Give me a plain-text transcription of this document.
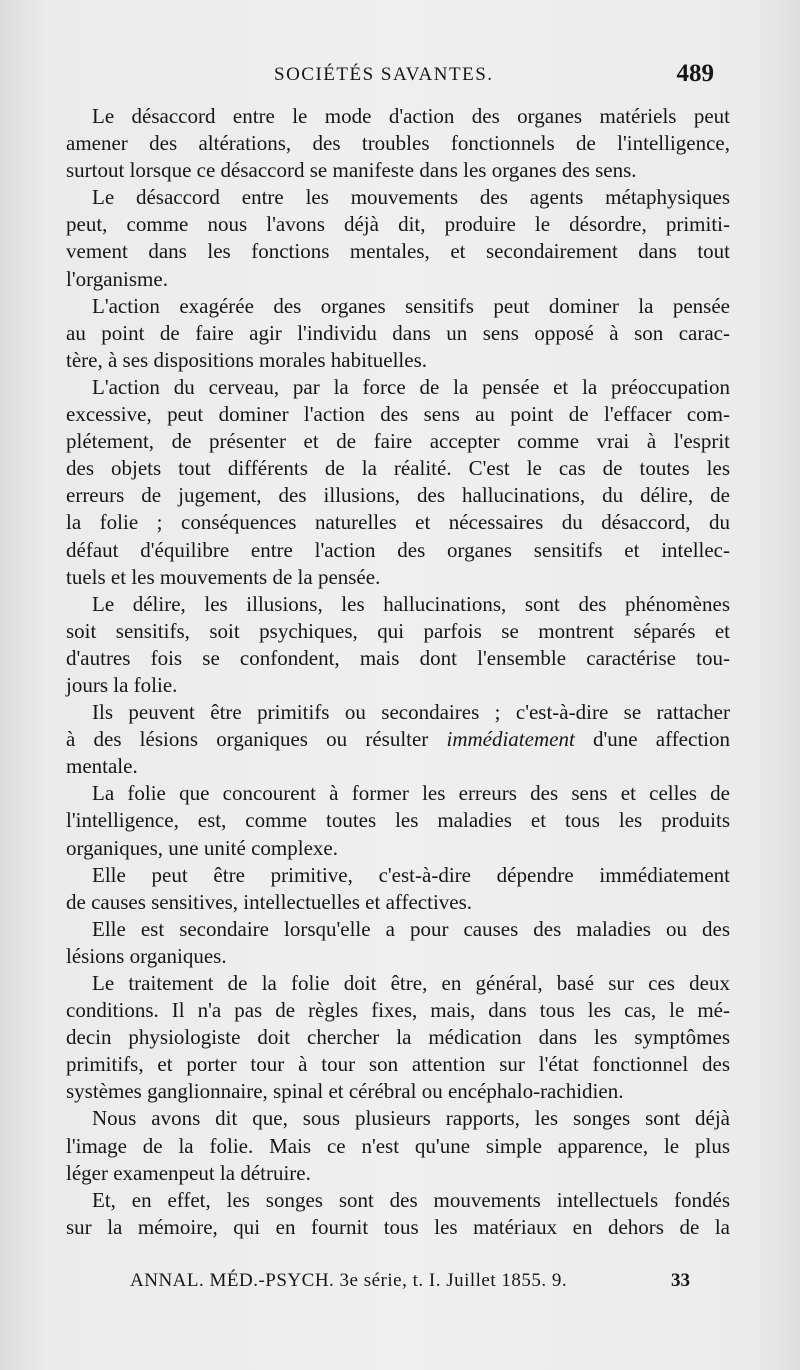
SOCIÉTÉS SAVANTES.	489

Le désaccord entre le mode d'action des organes matériels peut
amener des altérations, des troubles fonctionnels de l'intelligence,
surtout lorsque ce désaccord se manifeste dans les organes des sens.

Le désaccord entre les mouvements des agents métaphysiques
peut, comme nous l'avons déjà dit, produire le désordre, primiti-
vement dans les fonctions mentales, et secondairement dans tout
l'organisme.

L'action exagérée des organes sensitifs peut dominer la pensée
au point de faire agir l'individu dans un sens opposé à son carac-
tère, à ses dispositions morales habituelles.

L'action du cerveau, par la force de la pensée et la préoccupation
excessive, peut dominer l'action des sens au point de l'effacer com-
plétement, de présenter et de faire accepter comme vrai à l'esprit
des objets tout différents de la réalité. C'est le cas de toutes les
erreurs de jugement, des illusions, des hallucinations, du délire, de
la folie ; conséquences naturelles et nécessaires du désaccord, du
défaut d'équilibre entre l'action des organes sensitifs et intellec-
tuels et les mouvements de la pensée.

Le délire, les illusions, les hallucinations, sont des phénomènes
soit sensitifs, soit psychiques, qui parfois se montrent séparés et
d'autres fois se confondent, mais dont l'ensemble caractérise tou-
jours la folie.

Ils peuvent être primitifs ou secondaires ; c'est-à-dire se rattacher
à des lésions organiques ou résulter immédiatement d'une affection
mentale.

La folie que concourent à former les erreurs des sens et celles de
l'intelligence, est, comme toutes les maladies et tous les produits
organiques, une unité complexe.

Elle peut être primitive, c'est-à-dire dépendre immédiatement
de causes sensitives, intellectuelles et affectives.

Elle est secondaire lorsqu'elle a pour causes des maladies ou des
lésions organiques.

Le traitement de la folie doit être, en général, basé sur ces deux
conditions. Il n'a pas de règles fixes, mais, dans tous les cas, le mé-
decin physiologiste doit chercher la médication dans les symptômes
primitifs, et porter tour à tour son attention sur l'état fonctionnel des
systèmes ganglionnaire, spinal et cérébral ou encéphalo-rachidien.

Nous avons dit que, sous plusieurs rapports, les songes sont déjà
l'image de la folie. Mais ce n'est qu'une simple apparence, le plus
léger examenpeut la détruire.

Et, en effet, les songes sont des mouvements intellectuels fondés
sur la mémoire, qui en fournit tous les matériaux en dehors de la

ANNAL. MÉD.-PSYCH. 3e série, t. I. Juillet 1855. 9.	33
